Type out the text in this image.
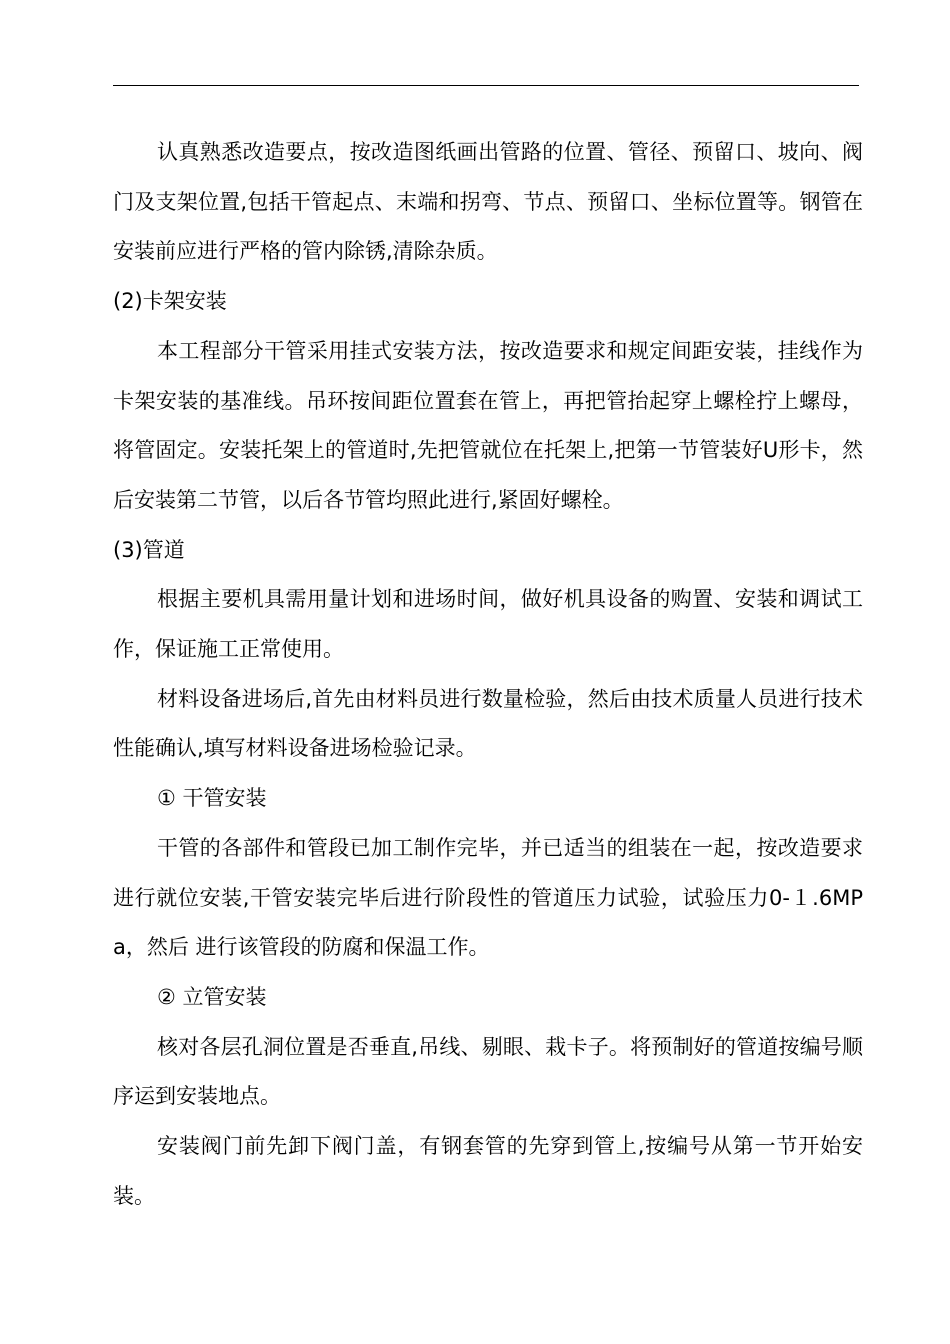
认真熟悉改造要点，按改造图纸画出管路的位置、管径、预留口、坡向、阀门及支架位置,包括干管起点、末端和拐弯、节点、预留口、坐标位置等。钢管在安装前应进行严格的管内除锈,清除杂质。

(2)卡架安装

本工程部分干管采用挂式安装方法，按改造要求和规定间距安装，挂线作为卡架安装的基准线。吊环按间距位置套在管上，再把管抬起穿上螺栓拧上螺母，将管固定。安装托架上的管道时,先把管就位在托架上,把第一节管装好U形卡，然后安装第二节管，以后各节管均照此进行,紧固好螺栓。

(3)管道

根据主要机具需用量计划和进场时间，做好机具设备的购置、安装和调试工作，保证施工正常使用。

材料设备进场后,首先由材料员进行数量检验，然后由技术质量人员进行技术性能确认,填写材料设备进场检验记录。

① 干管安装

干管的各部件和管段已加工制作完毕，并已适当的组装在一起，按改造要求进行就位安装,干管安装完毕后进行阶段性的管道压力试验，试验压力0-１.6MPa，然后 进行该管段的防腐和保温工作。

② 立管安装

核对各层孔洞位置是否垂直,吊线、剔眼、栽卡子。将预制好的管道按编号顺序运到安装地点。

安装阀门前先卸下阀门盖，有钢套管的先穿到管上,按编号从第一节开始安装。
